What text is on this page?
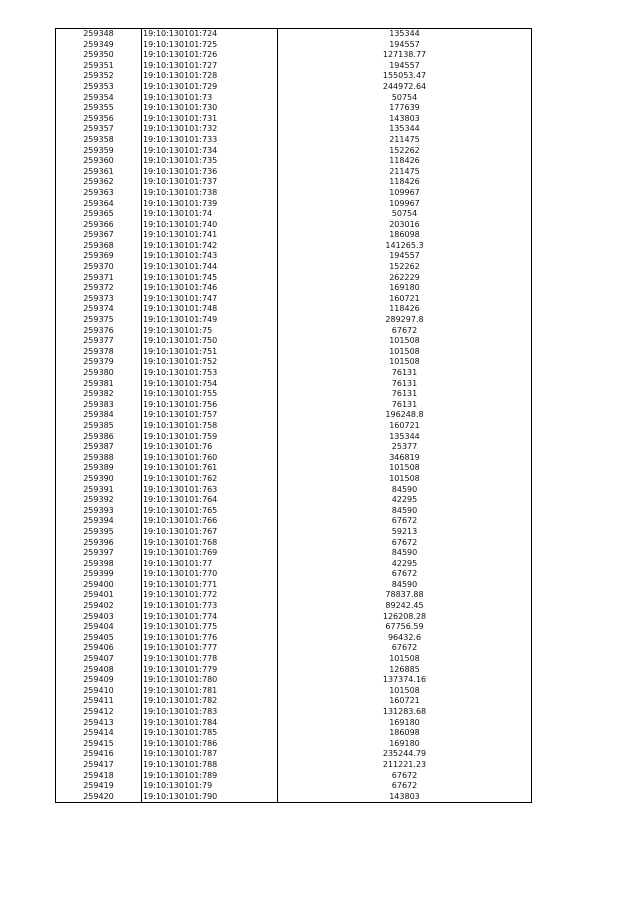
259348	19:10:130101:724	135344
259349	19:10:130101:725	194557
259350	19:10:130101:726	127138.77
259351	19:10:130101:727	194557
259352	19:10:130101:728	155053.47
259353	19:10:130101:729	244972.64
259354	19:10:130101:73	50754
259355	19:10:130101:730	177639
259356	19:10:130101:731	143803
259357	19:10:130101:732	135344
259358	19:10:130101:733	211475
259359	19:10:130101:734	152262
259360	19:10:130101:735	118426
259361	19:10:130101:736	211475
259362	19:10:130101:737	118426
259363	19:10:130101:738	109967
259364	19:10:130101:739	109967
259365	19:10:130101:74	50754
259366	19:10:130101:740	203016
259367	19:10:130101:741	186098
259368	19:10:130101:742	141265.3
259369	19:10:130101:743	194557
259370	19:10:130101:744	152262
259371	19:10:130101:745	262229
259372	19:10:130101:746	169180
259373	19:10:130101:747	160721
259374	19:10:130101:748	118426
259375	19:10:130101:749	289297.8
259376	19:10:130101:75	67672
259377	19:10:130101:750	101508
259378	19:10:130101:751	101508
259379	19:10:130101:752	101508
259380	19:10:130101:753	76131
259381	19:10:130101:754	76131
259382	19:10:130101:755	76131
259383	19:10:130101:756	76131
259384	19:10:130101:757	196248.8
259385	19:10:130101:758	160721
259386	19:10:130101:759	135344
259387	19:10:130101:76	25377
259388	19:10:130101:760	346819
259389	19:10:130101:761	101508
259390	19:10:130101:762	101508
259391	19:10:130101:763	84590
259392	19:10:130101:764	42295
259393	19:10:130101:765	84590
259394	19:10:130101:766	67672
259395	19:10:130101:767	59213
259396	19:10:130101:768	67672
259397	19:10:130101:769	84590
259398	19:10:130101:77	42295
259399	19:10:130101:770	67672
259400	19:10:130101:771	84590
259401	19:10:130101:772	78837.88
259402	19:10:130101:773	89242.45
259403	19:10:130101:774	126208.28
259404	19:10:130101:775	67756.59
259405	19:10:130101:776	96432.6
259406	19:10:130101:777	67672
259407	19:10:130101:778	101508
259408	19:10:130101:779	126885
259409	19:10:130101:780	137374.16
259410	19:10:130101:781	101508
259411	19:10:130101:782	160721
259412	19:10:130101:783	131283.68
259413	19:10:130101:784	169180
259414	19:10:130101:785	186098
259415	19:10:130101:786	169180
259416	19:10:130101:787	235244.79
259417	19:10:130101:788	211221.23
259418	19:10:130101:789	67672
259419	19:10:130101:79	67672
259420	19:10:130101:790	143803
